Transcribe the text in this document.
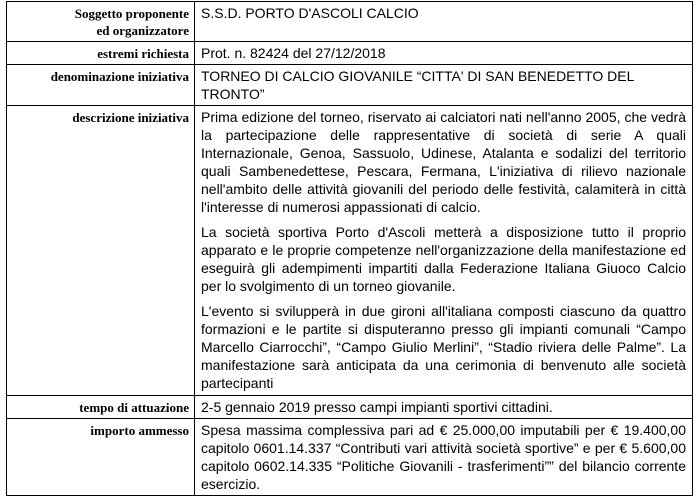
Soggetto proponente
ed organizzatore	S.S.D. PORTO D'ASCOLI CALCIO
estremi richiesta	Prot. n. 82424 del 27/12/2018
denominazione iniziativa	TORNEO DI CALCIO GIOVANILE “CITTA' DI SAN BENEDETTO DEL TRONTO”
descrizione iniziativa	Prima edizione del torneo, riservato ai calciatori nati nell'anno 2005, che vedrà la partecipazione delle rappresentative di società di serie A quali Internazionale, Genoa, Sassuolo, Udinese, Atalanta e sodalizi del territorio quali Sambenedettese, Pescara, Fermana, L'iniziativa di rilievo nazionale nell'ambito delle attività giovanili del periodo delle festività, calamiterà in città l'interesse di numerosi appassionati di calcio.

La società sportiva Porto d'Ascoli metterà a disposizione tutto il proprio apparato e le proprie competenze nell'organizzazione della manifestazione ed eseguirà gli adempimenti impartiti dalla Federazione Italiana Giuoco Calcio per lo svolgimento di un torneo giovanile.

L'evento si svilupperà in due gironi all'italiana composti ciascuno da quattro formazioni e le partite si disputeranno presso gli impianti comunali “Campo Marcello Ciarrocchi”, “Campo Giulio Merlini”, “Stadio riviera delle Palme”. La manifestazione sarà anticipata da una cerimonia di benvenuto alle società partecipanti

tempo di attuazione	2-5 gennaio 2019 presso campi impianti sportivi cittadini.
importo ammesso	Spesa massima complessiva pari ad € 25.000,00 imputabili per € 19.400,00 capitolo 0601.14.337 “Contributi vari attività società sportive” e per € 5.600,00 capitolo 0602.14.335 “Politiche Giovanili - trasferimenti”” del bilancio corrente esercizio.
